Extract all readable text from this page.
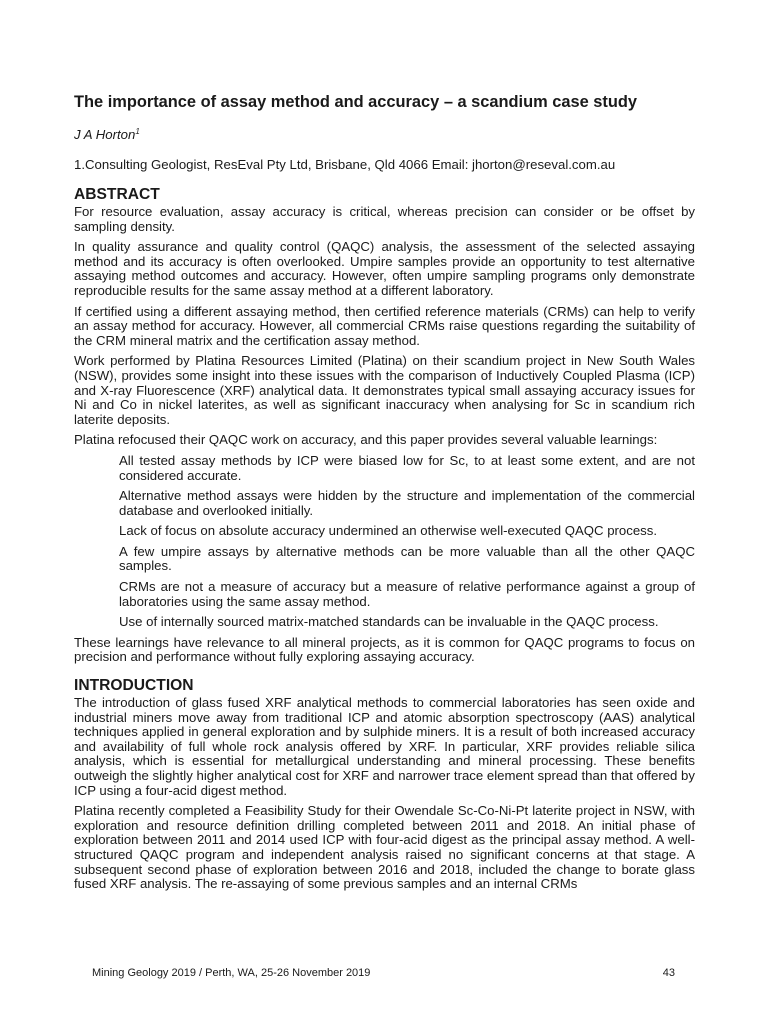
The importance of assay method and accuracy – a scandium case study
J A Horton$^1$
1.Consulting Geologist, ResEval Pty Ltd, Brisbane, Qld 4066 Email: jhorton@reseval.com.au
ABSTRACT

For resource evaluation, assay accuracy is critical, whereas precision can consider or be offset by sampling density.

In quality assurance and quality control (QAQC) analysis, the assessment of the selected assaying method and its accuracy is often overlooked. Umpire samples provide an opportunity to test alternative assaying method outcomes and accuracy. However, often umpire sampling programs only demonstrate reproducible results for the same assay method at a different laboratory.

If certified using a different assaying method, then certified reference materials (CRMs) can help to verify an assay method for accuracy. However, all commercial CRMs raise questions regarding the suitability of the CRM mineral matrix and the certification assay method.

Work performed by Platina Resources Limited (Platina) on their scandium project in New South Wales (NSW), provides some insight into these issues with the comparison of Inductively Coupled Plasma (ICP) and X-ray Fluorescence (XRF) analytical data. It demonstrates typical small assaying accuracy issues for Ni and Co in nickel laterites, as well as significant inaccuracy when analysing for Sc in scandium rich laterite deposits.

Platina refocused their QAQC work on accuracy, and this paper provides several valuable learnings:

All tested assay methods by ICP were biased low for Sc, to at least some extent, and are not considered accurate.
Alternative method assays were hidden by the structure and implementation of the commercial database and overlooked initially.
Lack of focus on absolute accuracy undermined an otherwise well-executed QAQC process.
A few umpire assays by alternative methods can be more valuable than all the other QAQC samples.
CRMs are not a measure of accuracy but a measure of relative performance against a group of laboratories using the same assay method.
Use of internally sourced matrix-matched standards can be invaluable in the QAQC process.

These learnings have relevance to all mineral projects, as it is common for QAQC programs to focus on precision and performance without fully exploring assaying accuracy.

INTRODUCTION

The introduction of glass fused XRF analytical methods to commercial laboratories has seen oxide and industrial miners move away from traditional ICP and atomic absorption spectroscopy (AAS) analytical techniques applied in general exploration and by sulphide miners. It is a result of both increased accuracy and availability of full whole rock analysis offered by XRF. In particular, XRF provides reliable silica analysis, which is essential for metallurgical understanding and mineral processing. These benefits outweigh the slightly higher analytical cost for XRF and narrower trace element spread than that offered by ICP using a four-acid digest method.

Platina recently completed a Feasibility Study for their Owendale Sc-Co-Ni-Pt laterite project in NSW, with exploration and resource definition drilling completed between 2011 and 2018. An initial phase of exploration between 2011 and 2014 used ICP with four-acid digest as the principal assay method. A well-structured QAQC program and independent analysis raised no significant concerns at that stage. A subsequent second phase of exploration between 2016 and 2018, included the change to borate glass fused XRF analysis. The re-assaying of some previous samples and an internal CRMs

Mining Geology 2019 / Perth, WA, 25-26 November 2019	43
